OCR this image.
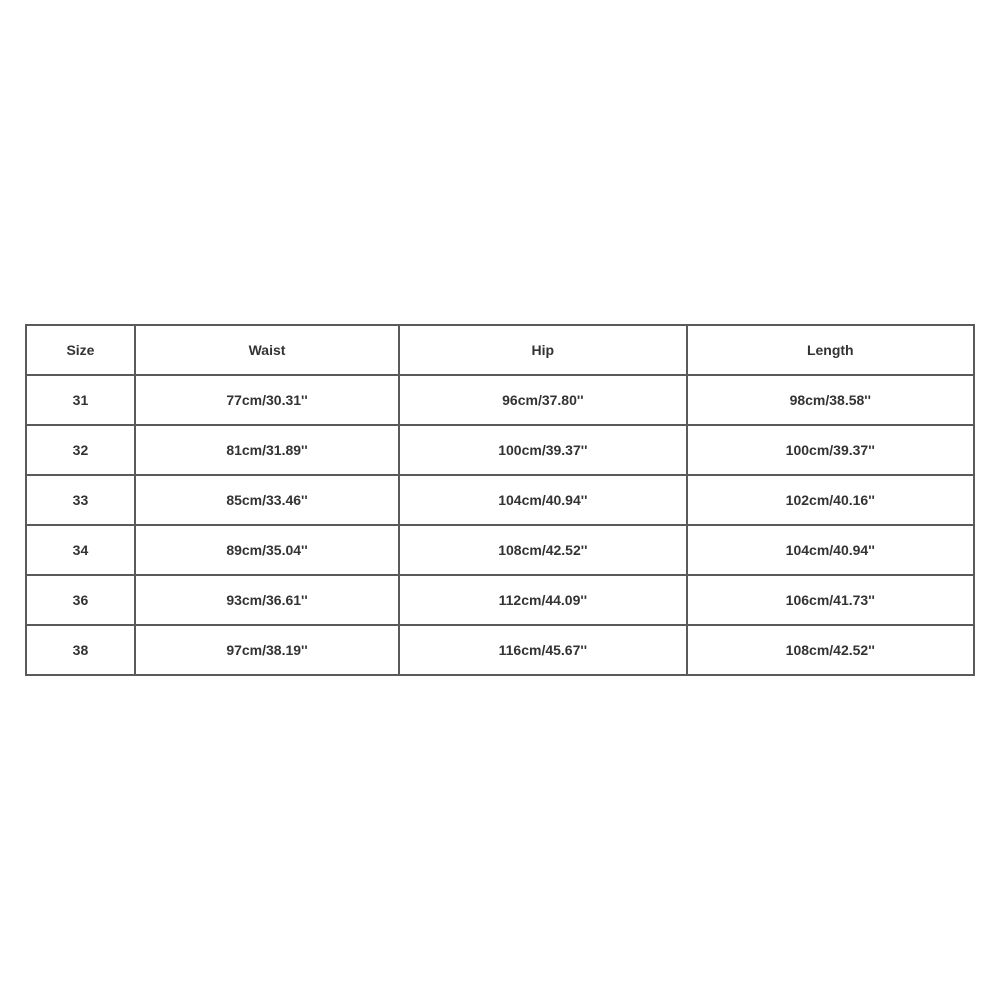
Size	Waist	Hip	Length
31	77cm/30.31''	96cm/37.80''	98cm/38.58''
32	81cm/31.89''	100cm/39.37''	100cm/39.37''
33	85cm/33.46''	104cm/40.94''	102cm/40.16''
34	89cm/35.04''	108cm/42.52''	104cm/40.94''
36	93cm/36.61''	112cm/44.09''	106cm/41.73''
38	97cm/38.19''	116cm/45.67''	108cm/42.52''
